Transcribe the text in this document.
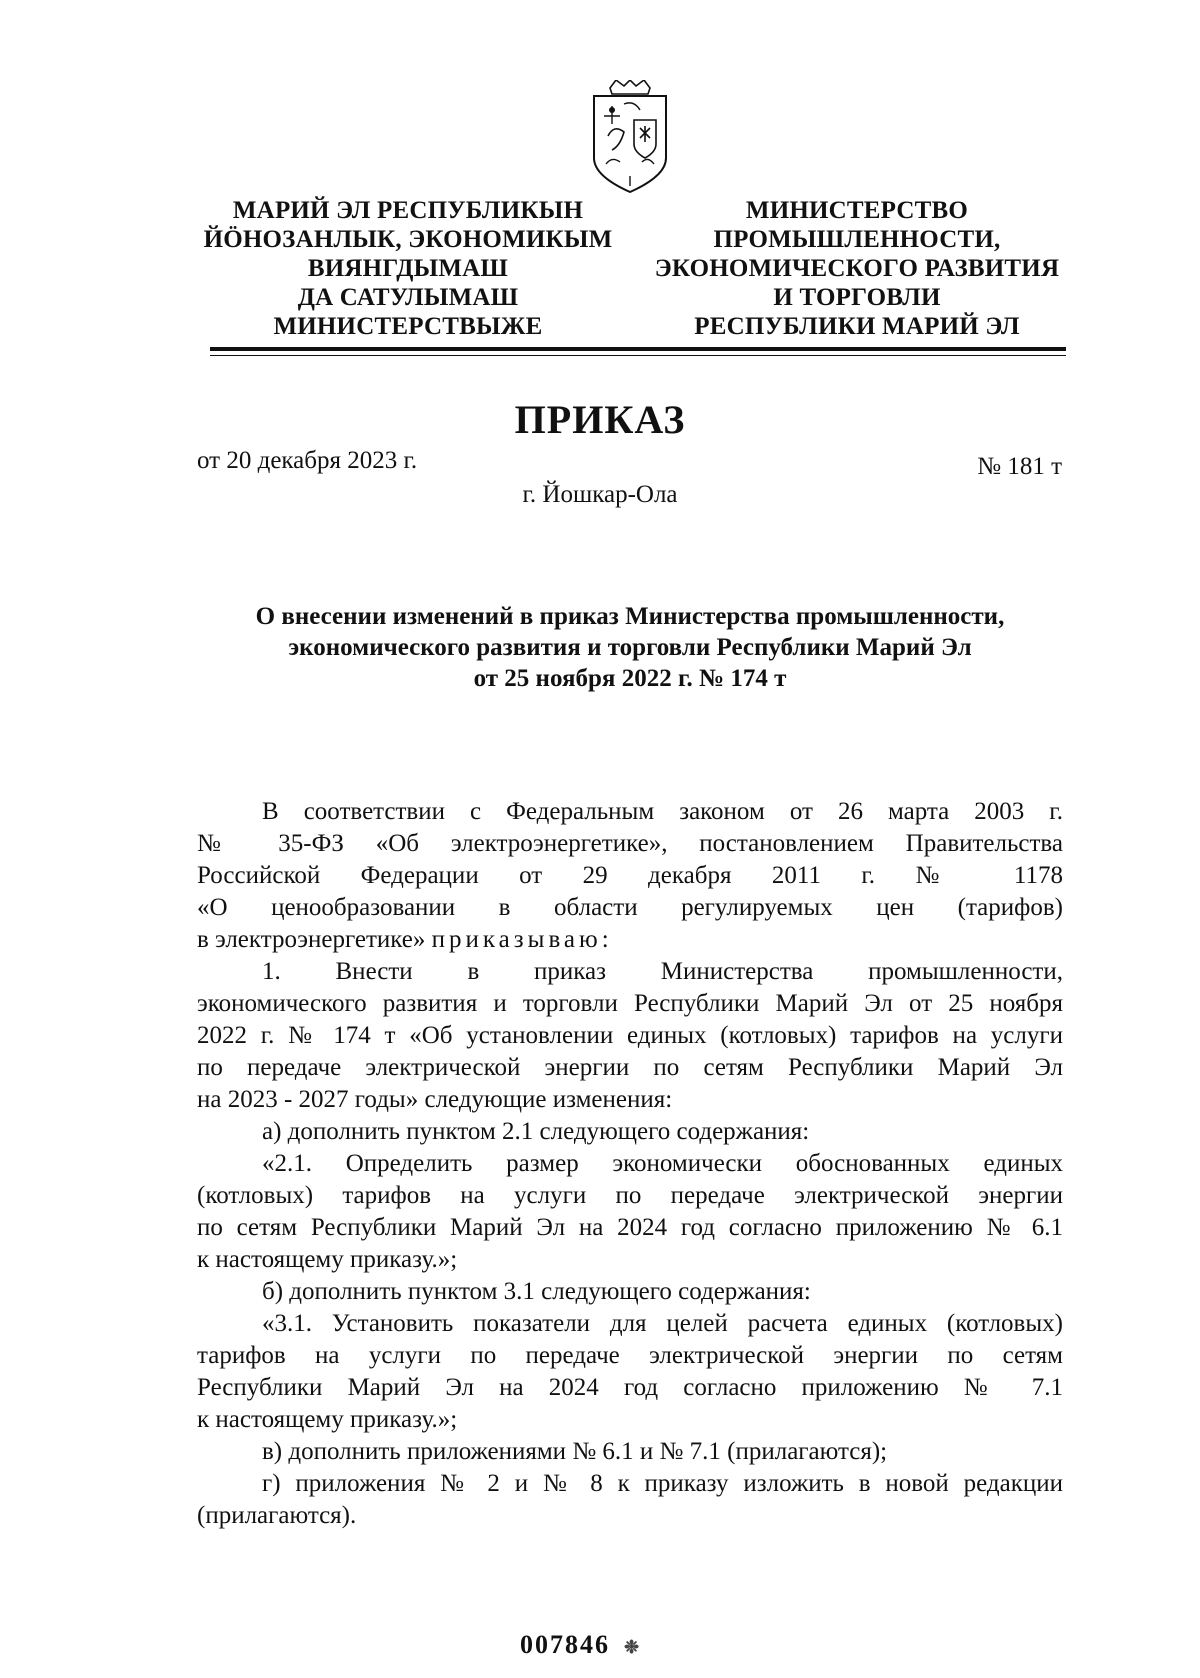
МАРИЙ ЭЛ РЕСПУБЛИКЫН
ЙÖНОЗАНЛЫК, ЭКОНОМИКЫМ
ВИЯНГДЫМАШ
ДА САТУЛЫМАШ
МИНИСТЕРСТВЫЖЕ
МИНИСТЕРСТВО
ПРОМЫШЛЕННОСТИ,
ЭКОНОМИЧЕСКОГО РАЗВИТИЯ
И ТОРГОВЛИ
РЕСПУБЛИКИ МАРИЙ ЭЛ
ПРИКАЗ
от 20 декабря 2023 г.	№ 181 т
г. Йошкар-Ола
О внесении изменений в приказ Министерства промышленности,
экономического развития и торговли Республики Марий Эл
от 25 ноября 2022 г. № 174 т

В соответствии с Федеральным законом от 26 марта 2003 г.

№ 35-ФЗ «Об электроэнергетике», постановлением Правительства

Российской Федерации от 29 декабря 2011 г. № 1178

«О ценообразовании в области регулируемых цен (тарифов)

в электроэнергетике» приказываю:

1. Внести в приказ Министерства промышленности,

экономического развития и торговли Республики Марий Эл от 25 ноября

2022 г. № 174 т «Об установлении единых (котловых) тарифов на услуги

по передаче электрической энергии по сетям Республики Марий Эл

на 2023 - 2027 годы» следующие изменения:

а) дополнить пунктом 2.1 следующего содержания:

«2.1. Определить размер экономически обоснованных единых

(котловых) тарифов на услуги по передаче электрической энергии

по сетям Республики Марий Эл на 2024 год согласно приложению № 6.1

к настоящему приказу.»;

б) дополнить пунктом 3.1 следующего содержания:

«3.1. Установить показатели для целей расчета единых (котловых)

тарифов на услуги по передаче электрической энергии по сетям

Республики Марий Эл на 2024 год согласно приложению № 7.1

к настоящему приказу.»;

в) дополнить приложениями № 6.1 и № 7.1 (прилагаются);

г) приложения № 2 и № 8 к приказу изложить в новой редакции

(прилагаются).

007846 ❉
